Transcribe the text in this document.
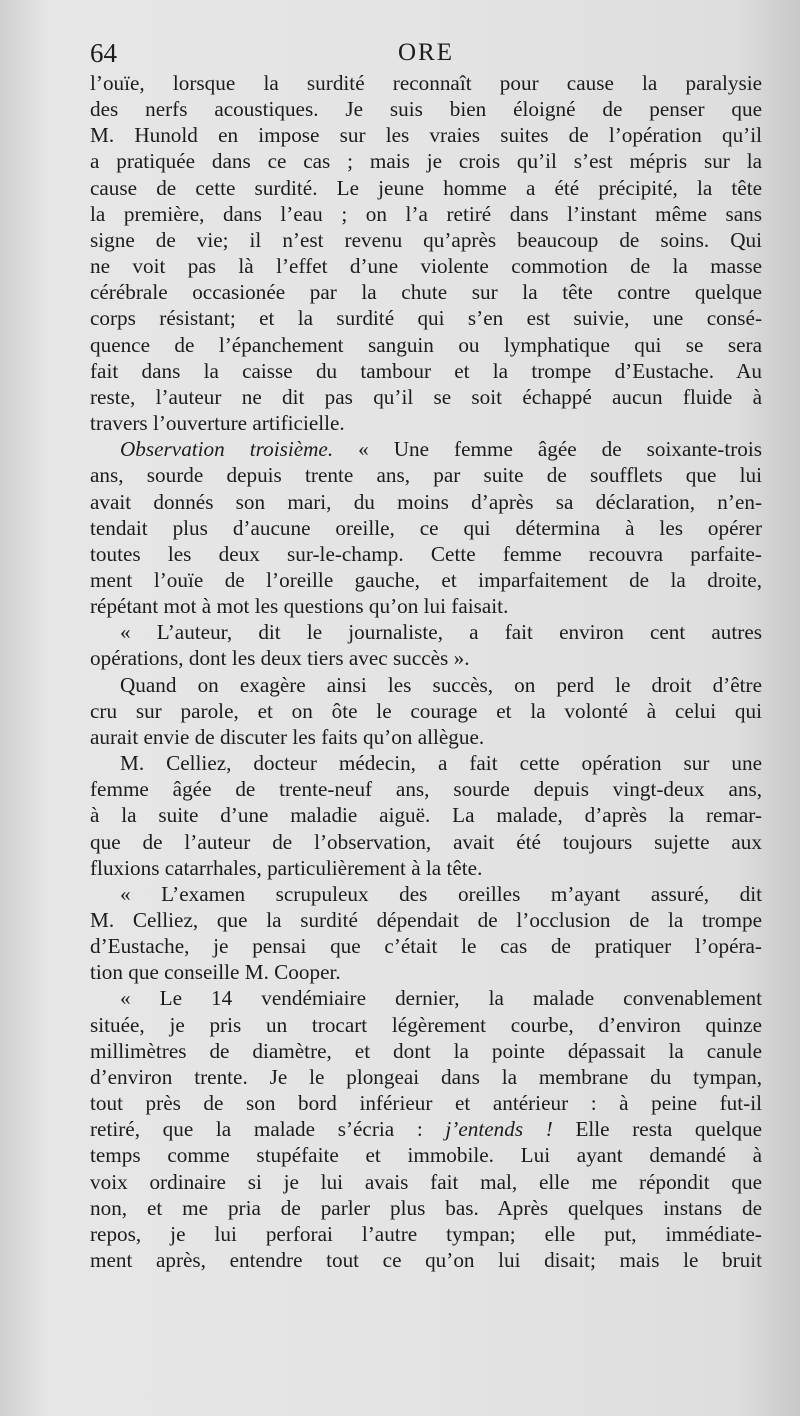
64	ORE
l’ouïe, lorsque la surdité reconnaît pour cause la paralysie
des nerfs acoustiques. Je suis bien éloigné de penser que
M. Hunold en impose sur les vraies suites de l’opération qu’il
a pratiquée dans ce cas ; mais je crois qu’il s’est mépris sur la
cause de cette surdité. Le jeune homme a été précipité, la tête
la première, dans l’eau ; on l’a retiré dans l’instant même sans
signe de vie; il n’est revenu qu’après beaucoup de soins. Qui
ne voit pas là l’effet d’une violente commotion de la masse
cérébrale occasionée par la chute sur la tête contre quelque
corps résistant; et la surdité qui s’en est suivie, une consé-
quence de l’épanchement sanguin ou lymphatique qui se sera
fait dans la caisse du tambour et la trompe d’Eustache. Au
reste, l’auteur ne dit pas qu’il se soit échappé aucun fluide à
travers l’ouverture artificielle.
Observation troisième. « Une femme âgée de soixante-trois
ans, sourde depuis trente ans, par suite de soufflets que lui
avait donnés son mari, du moins d’après sa déclaration, n’en-
tendait plus d’aucune oreille, ce qui détermina à les opérer
toutes les deux sur-le-champ. Cette femme recouvra parfaite-
ment l’ouïe de l’oreille gauche, et imparfaitement de la droite,
répétant mot à mot les questions qu’on lui faisait.
« L’auteur, dit le journaliste, a fait environ cent autres
opérations, dont les deux tiers avec succès ».
Quand on exagère ainsi les succès, on perd le droit d’être
cru sur parole, et on ôte le courage et la volonté à celui qui
aurait envie de discuter les faits qu’on allègue.
M. Celliez, docteur médecin, a fait cette opération sur une
femme âgée de trente-neuf ans, sourde depuis vingt-deux ans,
à la suite d’une maladie aiguë. La malade, d’après la remar-
que de l’auteur de l’observation, avait été toujours sujette aux
fluxions catarrhales, particulièrement à la tête.
« L’examen scrupuleux des oreilles m’ayant assuré, dit
M. Celliez, que la surdité dépendait de l’occlusion de la trompe
d’Eustache, je pensai que c’était le cas de pratiquer l’opéra-
tion que conseille M. Cooper.
« Le 14 vendémiaire dernier, la malade convenablement
située, je pris un trocart légèrement courbe, d’environ quinze
millimètres de diamètre, et dont la pointe dépassait la canule
d’environ trente. Je le plongeai dans la membrane du tympan,
tout près de son bord inférieur et antérieur : à peine fut-il
retiré, que la malade s’écria : j’entends ! Elle resta quelque
temps comme stupéfaite et immobile. Lui ayant demandé à
voix ordinaire si je lui avais fait mal, elle me répondit que
non, et me pria de parler plus bas. Après quelques instans de
repos, je lui perforai l’autre tympan; elle put, immédiate-
ment après, entendre tout ce qu’on lui disait; mais le bruit
